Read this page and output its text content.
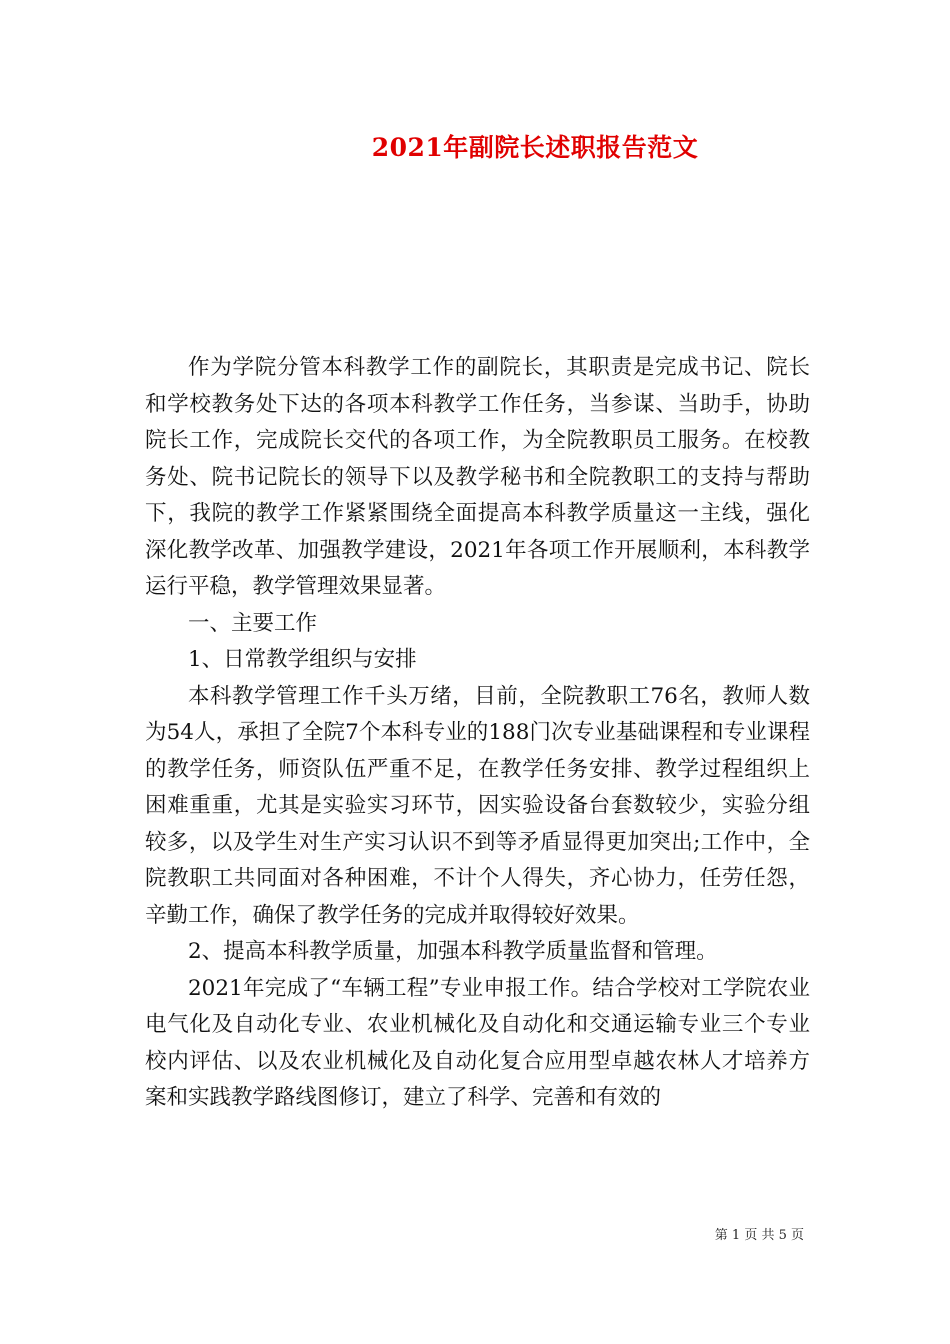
2021年副院长述职报告范文

作为学院分管本科教学工作的副院长，其职责是完成书记、院长和学校教务处下达的各项本科教学工作任务，当参谋、当助手，协助院长工作，完成院长交代的各项工作，为全院教职员工服务。在校教务处、院书记院长的领导下以及教学秘书和全院教职工的支持与帮助下，我院的教学工作紧紧围绕全面提高本科教学质量这一主线，强化深化教学改革、加强教学建设，2021年各项工作开展顺利，本科教学运行平稳，教学管理效果显著。

一、主要工作

1、日常教学组织与安排

本科教学管理工作千头万绪，目前，全院教职工76名，教师人数为54人，承担了全院7个本科专业的188门次专业基础课程和专业课程的教学任务，师资队伍严重不足，在教学任务安排、教学过程组织上困难重重，尤其是实验实习环节，因实验设备台套数较少，实验分组较多，以及学生对生产实习认识不到等矛盾显得更加突出;工作中，全院教职工共同面对各种困难，不计个人得失，齐心协力，任劳任怨，辛勤工作，确保了教学任务的完成并取得较好效果。

2、提高本科教学质量，加强本科教学质量监督和管理。

2021年完成了“车辆工程”专业申报工作。结合学校对工学院农业电气化及自动化专业、农业机械化及自动化和交通运输专业三个专业校内评估、以及农业机械化及自动化复合应用型卓越农林人才培养方案和实践教学路线图修订，建立了科学、完善和有效的

第 1 页 共 5 页
